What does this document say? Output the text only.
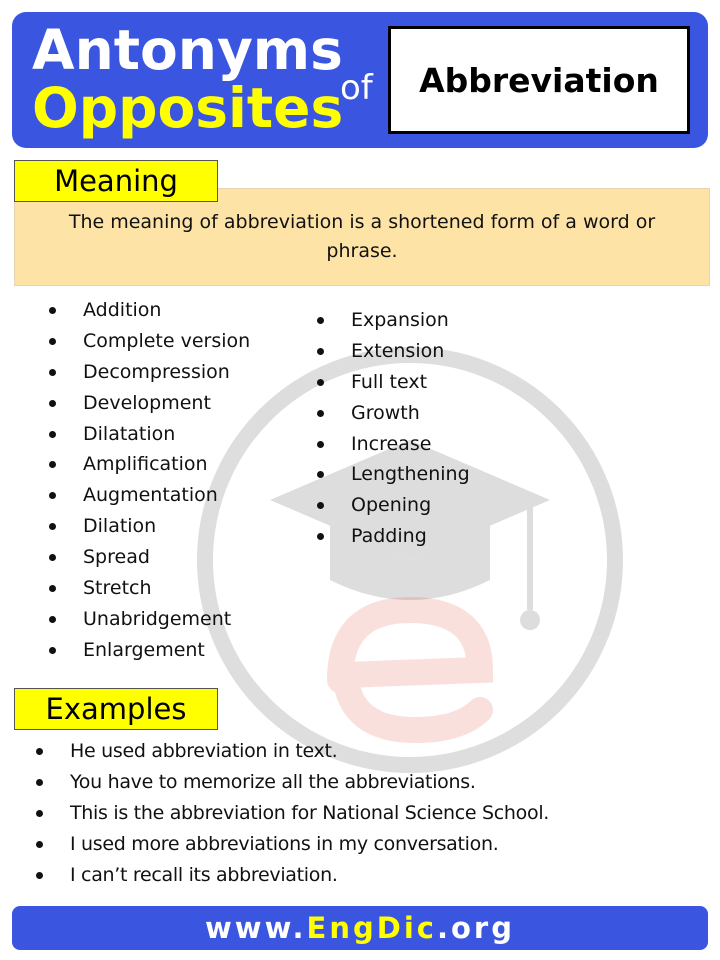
Antonyms
Opposites
of	Abbreviation
Meaning
The meaning of abbreviation is a shortened form of a word or phrase.
Addition
Complete version
Decompression
Development
Dilatation
Amplification
Augmentation
Dilation
Spread
Stretch
Unabridgement
Enlargement
Expansion
Extension
Full text
Growth
Increase
Lengthening
Opening
Padding
Examples
He used abbreviation in text.
You have to memorize all the abbreviations.
This is the abbreviation for National Science School.
I used more abbreviations in my conversation.
I can’t recall its abbreviation.
www. EngDic .org
